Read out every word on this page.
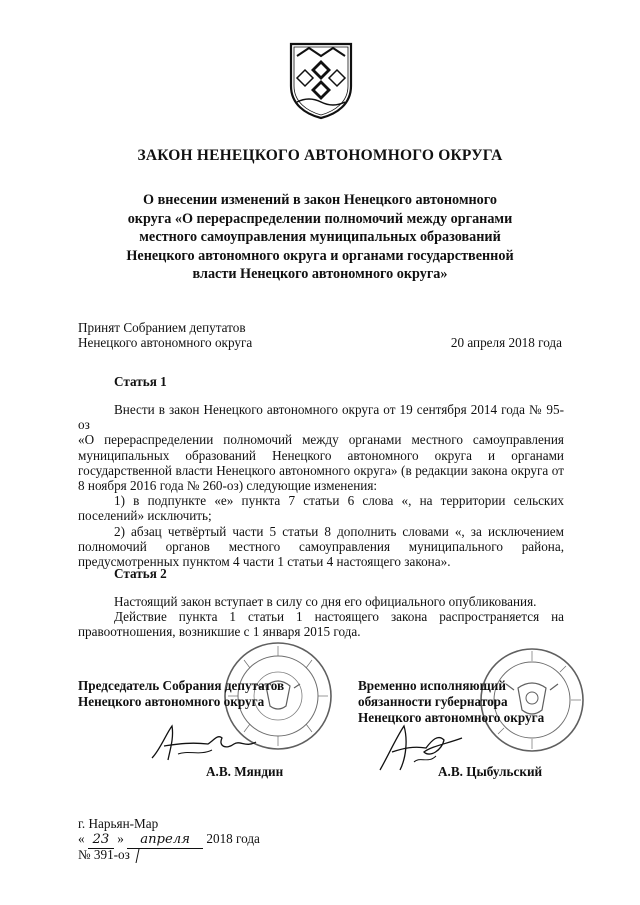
ЗАКОН НЕНЕЦКОГО АВТОНОМНОГО ОКРУГА
О внесении изменений в закон Ненецкого автономного
округа «О перераспределении полномочий между органами
местного самоуправления муниципальных образований
Ненецкого автономного округа и органами государственной
власти Ненецкого автономного округа»
Принят Собранием депутатов
Ненецкого автономного округа	20 апреля 2018 года
Статья 1
Внести в закон Ненецкого автономного округа от 19 сентября 2014 года № 95-оз
«О перераспределении полномочий между органами местного самоуправления
муниципальных образований Ненецкого автономного округа и органами
государственной власти Ненецкого автономного округа» (в редакции закона округа от
8 ноября 2016 года № 260-оз) следующие изменения:
1) в подпункте «е» пункта 7 статьи 6 слова «, на территории сельских
поселений» исключить;
2) абзац четвёртый части 5 статьи 8 дополнить словами «, за исключением
полномочий органов местного самоуправления муниципального района,
предусмотренных пунктом 4 части 1 статьи 4 настоящего закона».
Статья 2
Настоящий закон вступает в силу со дня его официального опубликования.
Действие пункта 1 статьи 1 настоящего закона распространяется на
правоотношения, возникшие с 1 января 2015 года.
Председатель Собрания депутатов
Ненецкого автономного округа
А.В. Мяндин
Временно исполняющий
обязанности губернатора
Ненецкого автономного округа
А.В. Цыбульский
г. Нарьян-Мар
« 23 » апреля 2018 года
№ 391-оз
